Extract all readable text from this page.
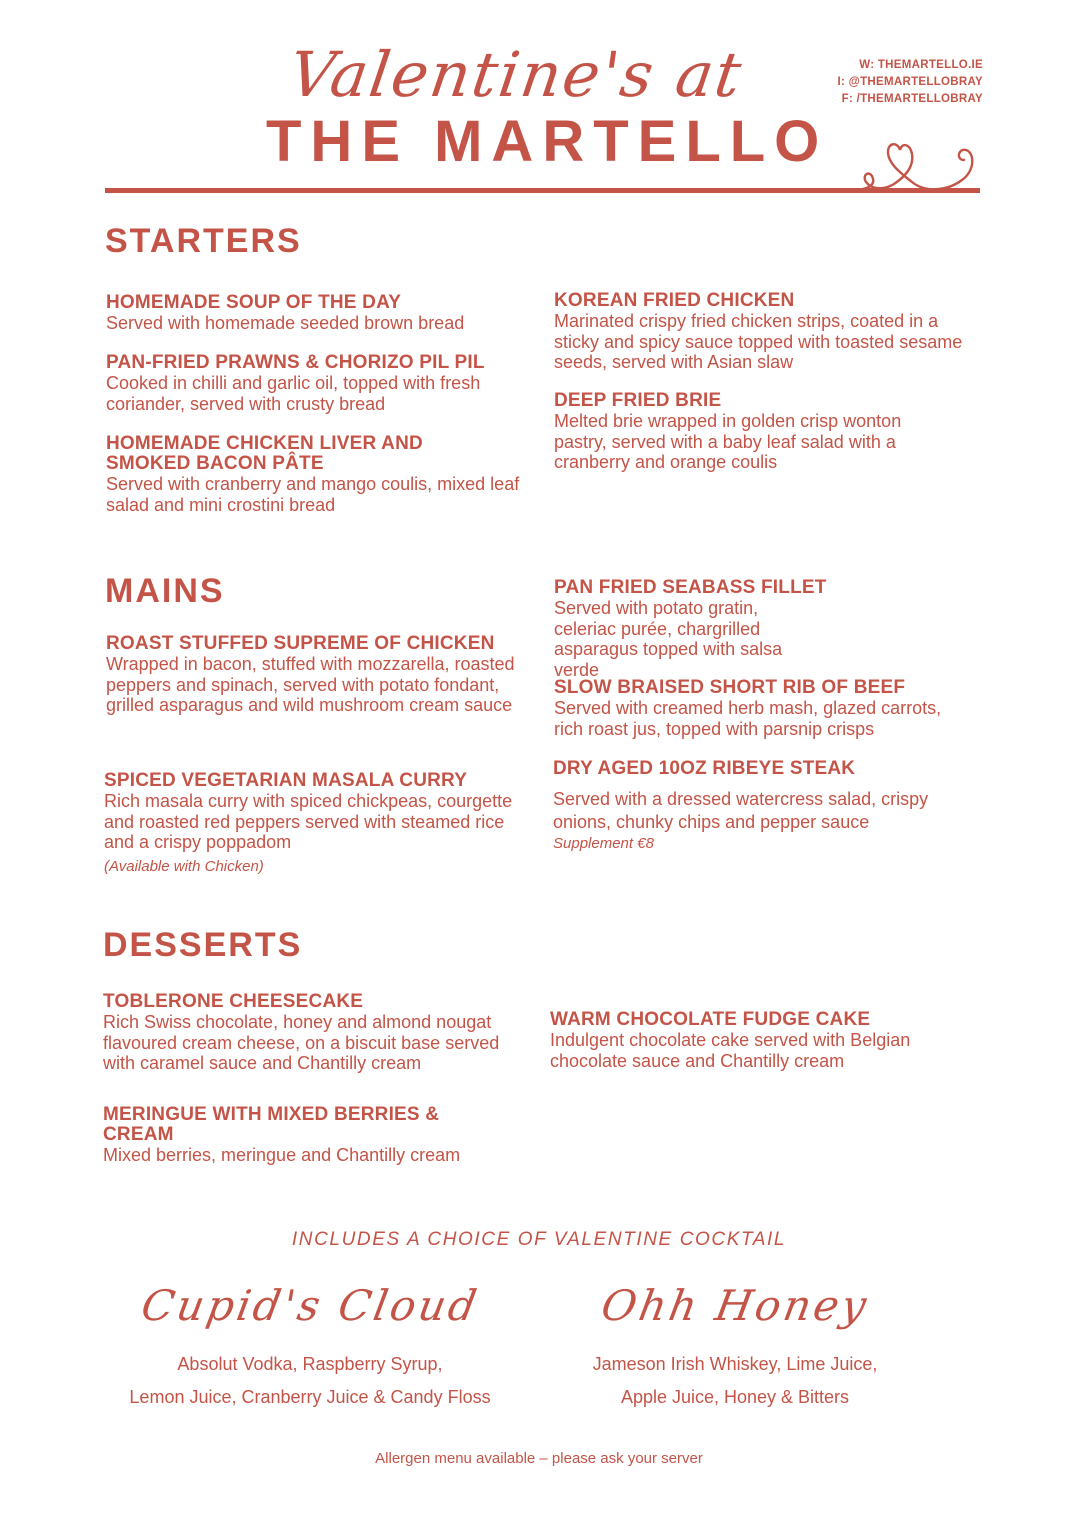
Valentine's at
THE MARTELLO
W: THEMARTELLO.IE
I: @THEMARTELLOBRAY
F: /THEMARTELLOBRAY
STARTERS
HOMEMADE SOUP OF THE DAY
Served with homemade seeded brown bread
PAN-FRIED PRAWNS & CHORIZO PIL PIL
Cooked in chilli and garlic oil, topped with fresh coriander, served with crusty bread
HOMEMADE CHICKEN LIVER AND SMOKED BACON PÂTE
Served with cranberry and mango coulis, mixed leaf salad and mini crostini bread
KOREAN FRIED CHICKEN
Marinated crispy fried chicken strips, coated in a sticky and spicy sauce topped with toasted sesame seeds, served with Asian slaw
DEEP FRIED BRIE
Melted brie wrapped in golden crisp wonton pastry, served with a baby leaf salad with a cranberry and orange coulis
MAINS
ROAST STUFFED SUPREME OF CHICKEN
Wrapped in bacon, stuffed with mozzarella, roasted peppers and spinach, served with potato fondant, grilled asparagus and wild mushroom cream sauce
SPICED VEGETARIAN MASALA CURRY
Rich masala curry with spiced chickpeas, courgette and roasted red peppers served with steamed rice and a crispy poppadom
(Available with Chicken)
PAN FRIED SEABASS FILLET
Served with potato gratin, celeriac purée, chargrilled asparagus topped with salsa verde
SLOW BRAISED SHORT RIB OF BEEF
Served with creamed herb mash, glazed carrots, rich roast jus, topped with parsnip crisps
DRY AGED 10OZ RIBEYE STEAK
Served with a dressed watercress salad, crispy onions, chunky chips and pepper sauce
Supplement €8
DESSERTS
TOBLERONE CHEESECAKE
Rich Swiss chocolate, honey and almond nougat flavoured cream cheese, on a biscuit base served with caramel sauce and Chantilly cream
MERINGUE WITH MIXED BERRIES & CREAM
Mixed berries, meringue and Chantilly cream
WARM CHOCOLATE FUDGE CAKE
Indulgent chocolate cake served with Belgian chocolate sauce and Chantilly cream
INCLUDES A CHOICE OF VALENTINE COCKTAIL
Cupid's Cloud
Absolut Vodka, Raspberry Syrup,
Lemon Juice, Cranberry Juice & Candy Floss
Ohh Honey
Jameson Irish Whiskey, Lime Juice,
Apple Juice, Honey & Bitters
Allergen menu available – please ask your server
